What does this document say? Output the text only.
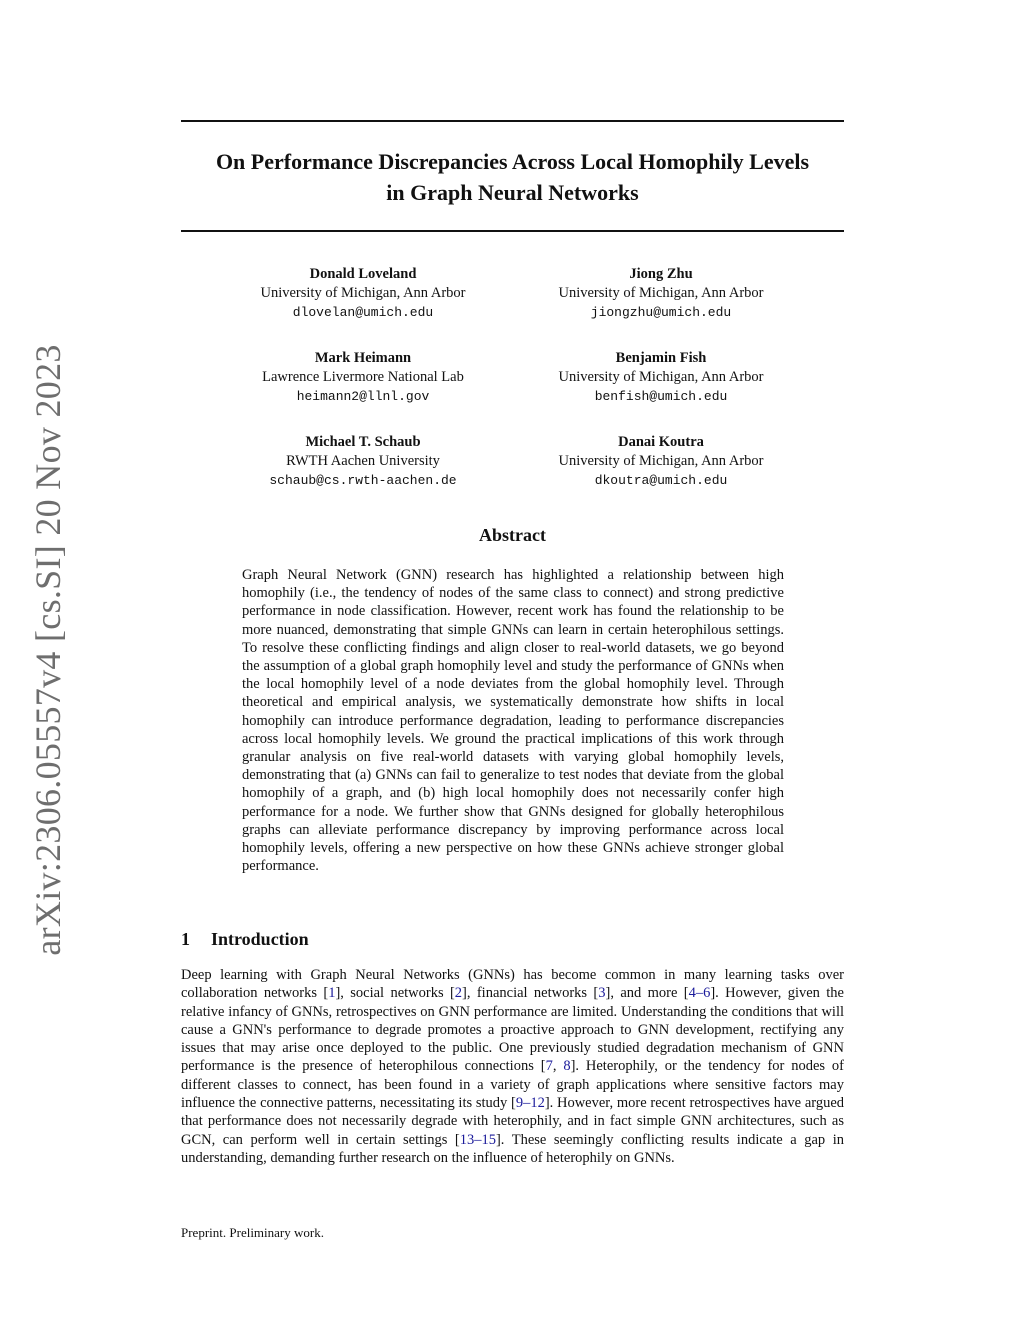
arXiv:2306.05557v4 [cs.SI] 20 Nov 2023
On Performance Discrepancies Across Local Homophily Levels
in Graph Neural Networks
Donald Loveland
University of Michigan, Ann Arbor
dlovelan@umich.edu
Jiong Zhu
University of Michigan, Ann Arbor
jiongzhu@umich.edu
Mark Heimann
Lawrence Livermore National Lab
heimann2@llnl.gov
Benjamin Fish
University of Michigan, Ann Arbor
benfish@umich.edu
Michael T. Schaub
RWTH Aachen University
schaub@cs.rwth-aachen.de
Danai Koutra
University of Michigan, Ann Arbor
dkoutra@umich.edu
Abstract
Graph Neural Network (GNN) research has highlighted a relationship between high homophily (i.e., the tendency of nodes of the same class to connect) and strong predictive performance in node classification. However, recent work has found the relationship to be more nuanced, demonstrating that simple GNNs can learn in certain heterophilous settings. To resolve these conflicting findings and align closer to real-world datasets, we go beyond the assumption of a global graph homophily level and study the performance of GNNs when the local homophily level of a node deviates from the global homophily level. Through theoretical and empirical analysis, we systematically demonstrate how shifts in local homophily can introduce performance degradation, leading to performance discrepancies across local homophily levels. We ground the practical implications of this work through granular analysis on five real-world datasets with varying global homophily levels, demonstrating that (a) GNNs can fail to generalize to test nodes that deviate from the global homophily of a graph, and (b) high local homophily does not necessarily confer high performance for a node. We further show that GNNs designed for globally heterophilous graphs can alleviate performance discrepancy by improving performance across local homophily levels, offering a new perspective on how these GNNs achieve stronger global performance.
1 Introduction
Deep learning with Graph Neural Networks (GNNs) has become common in many learning tasks over collaboration networks [1], social networks [2], financial networks [3], and more [4–6]. However, given the relative infancy of GNNs, retrospectives on GNN performance are limited. Understanding the conditions that will cause a GNN's performance to degrade promotes a proactive approach to GNN development, rectifying any issues that may arise once deployed to the public. One previously studied degradation mechanism of GNN performance is the presence of heterophilous connections [7, 8]. Heterophily, or the tendency for nodes of different classes to connect, has been found in a variety of graph applications where sensitive factors may influence the connective patterns, necessitating its study [9–12]. However, more recent retrospectives have argued that performance does not necessarily degrade with heterophily, and in fact simple GNN architectures, such as GCN, can perform well in certain settings [13–15]. These seemingly conflicting results indicate a gap in understanding, demanding further research on the influence of heterophily on GNNs.
Preprint. Preliminary work.
